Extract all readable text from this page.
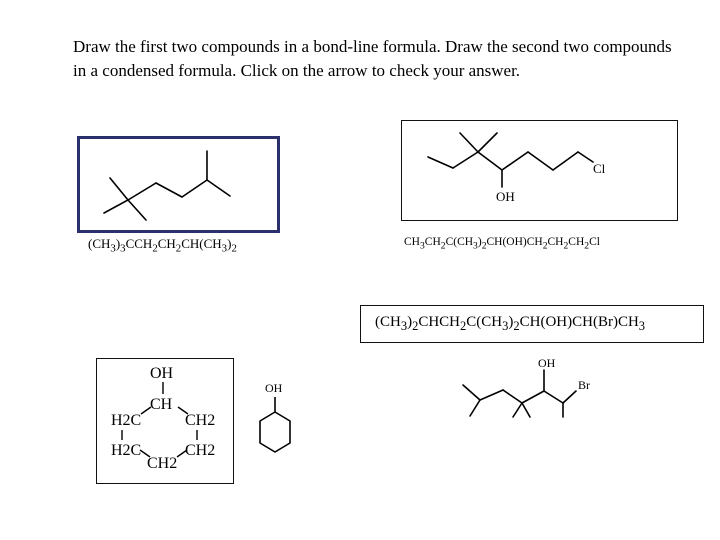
Draw the first two compounds in a bond-line formula. Draw the second two compounds in a condensed formula. Click on the arrow to check your answer.

$(CH_3)_3CCH_2CH_2CH(CH_3)_2$

OH
Cl

$CH_3CH_2C(CH_3)_2CH(OH)CH_2CH_2CH_2Cl$

$(CH_3)_2CHCH_2C(CH_3)_2CH(OH)CH(Br)CH_3$

OH
Br
OH
CH
H2C	CH2
H2C	CH2
CH2
OH
